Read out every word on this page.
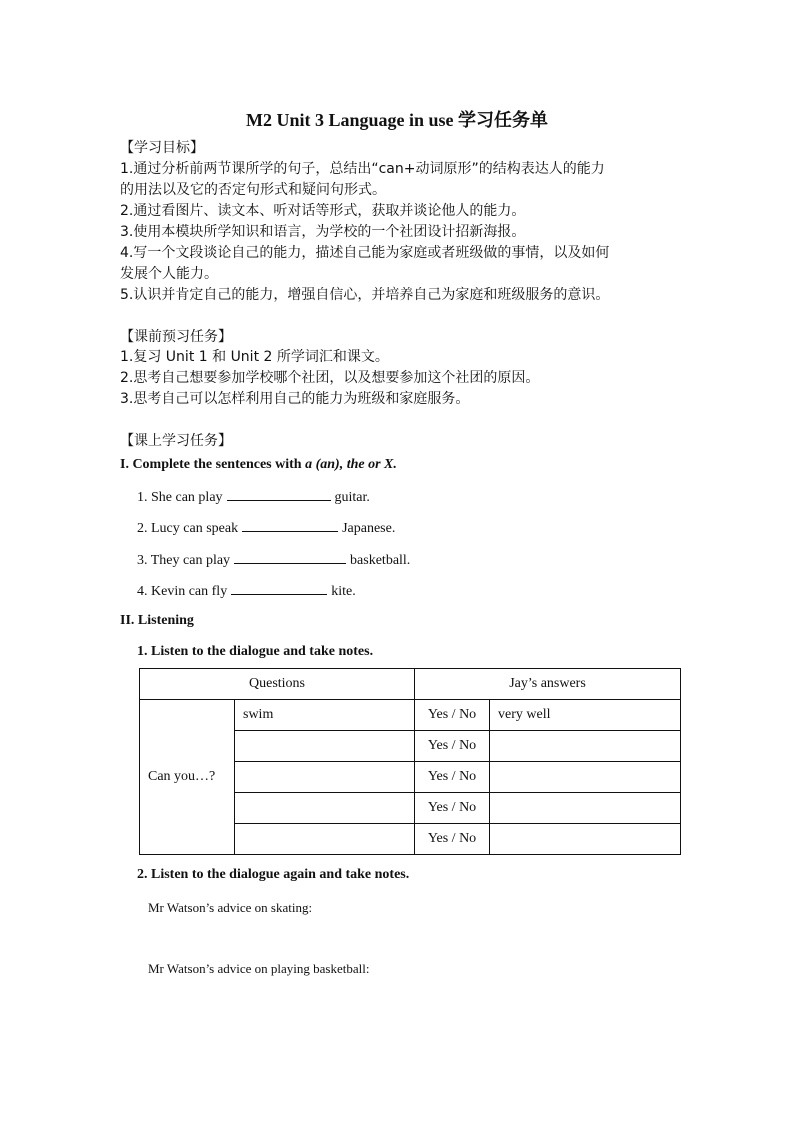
M2 Unit 3 Language in use 学习任务单
【学习目标】
1.通过分析前两节课所学的句子，总结出“can+动词原形”的结构表达人的能力
的用法以及它的否定句形式和疑问句形式。
2.通过看图片、读文本、听对话等形式，获取并谈论他人的能力。
3.使用本模块所学知识和语言，为学校的一个社团设计招新海报。
4.写一个文段谈论自己的能力，描述自己能为家庭或者班级做的事情，以及如何
发展个人能力。
5.认识并肯定自己的能力，增强自信心，并培养自己为家庭和班级服务的意识。
【课前预习任务】
1.复习 Unit 1 和 Unit 2 所学词汇和课文。
2.思考自己想要参加学校哪个社团，以及想要参加这个社团的原因。
3.思考自己可以怎样利用自己的能力为班级和家庭服务。
【课上学习任务】
I. Complete the sentences with a (an), the or X.
1. She can play	guitar.
2. Lucy can speak	Japanese.
3. They can play	basketball.
4. Kevin can fly	kite.
II. Listening
1. Listen to the dialogue and take notes.
Questions		Jay’s answers	
Can you…?	swim	Yes / No	very well
		Yes / No	
		Yes / No	
		Yes / No	
		Yes / No	
2. Listen to the dialogue again and take notes.
Mr Watson’s advice on skating:
Mr Watson’s advice on playing basketball:
